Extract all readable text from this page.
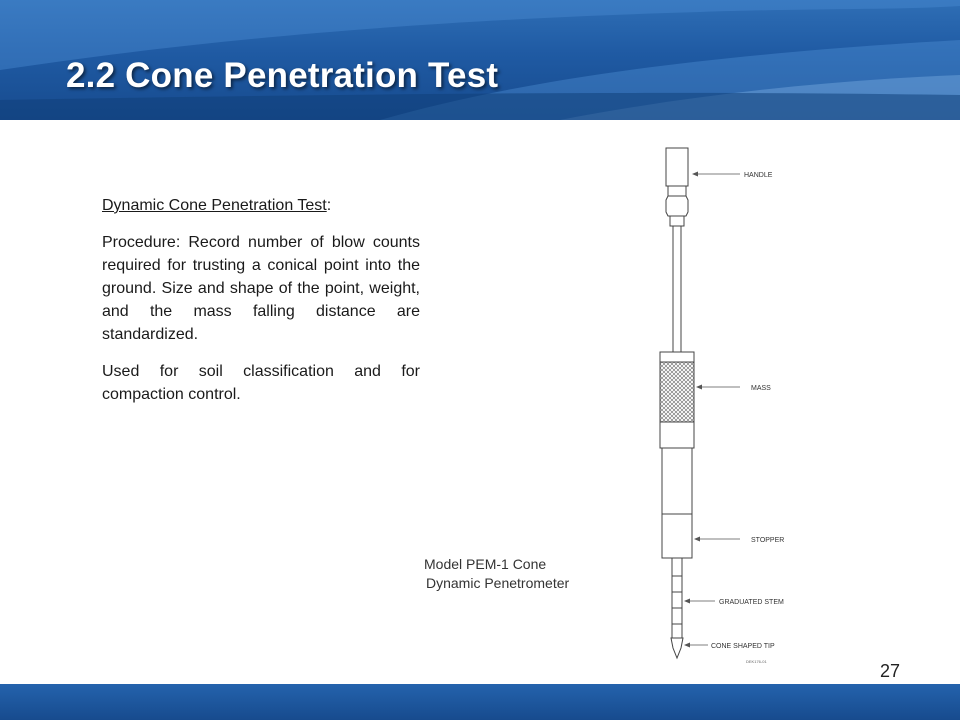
2.2 Cone Penetration Test

Dynamic Cone Penetration Test:

Procedure: Record number of blow counts required for trusting a conical point into the ground. Size and shape of the point, weight, and the mass falling distance are standardized.

Used for soil classification and for compaction control.

Model PEM-1 Cone
Dynamic Penetrometer
HANDLE
MASS
STOPPER
GRADUATED STEM
CONE SHAPED TIP
DEK176-01	27
